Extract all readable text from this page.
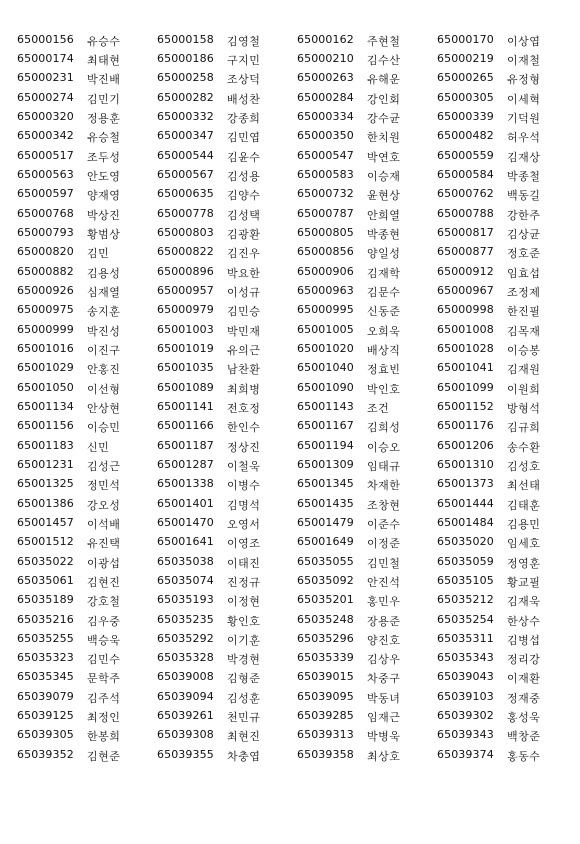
65000156	유승수	65000158	김영철	65000162	주현철	65000170	이상엽
65000174	최태현	65000186	구지민	65000210	김수산	65000219	이재철
65000231	박진배	65000258	조상덕	65000263	유해운	65000265	유정형
65000274	김민기	65000282	배성찬	65000284	강인회	65000305	이세혁
65000320	정용훈	65000332	강종희	65000334	강수균	65000339	기덕원
65000342	유승철	65000347	김민엽	65000350	한치원	65000482	허우석
65000517	조두성	65000544	김윤수	65000547	박연호	65000559	김재상
65000563	안도영	65000567	김성용	65000583	이승재	65000584	박종철
65000597	양재영	65000635	김양수	65000732	윤현상	65000762	백동길
65000768	박상진	65000778	김성택	65000787	안희열	65000788	강한주
65000793	황범상	65000803	김광환	65000805	박종현	65000817	김상균
65000820	김민	65000822	김진우	65000856	양일성	65000877	정호준
65000882	김용성	65000896	박요한	65000906	김재학	65000912	임효섭
65000926	심재열	65000957	이성규	65000963	김문수	65000967	조정제
65000975	송지훈	65000979	김민승	65000995	신동준	65000998	한진필
65000999	박진성	65001003	박민재	65001005	오희욱	65001008	김목재
65001016	이진구	65001019	유의근	65001020	배상직	65001028	이승봉
65001029	안홍진	65001035	남찬환	65001040	정효빈	65001041	김재원
65001050	이선형	65001089	최희병	65001090	박인호	65001099	이원희
65001134	안상현	65001141	전호정	65001143	조건	65001152	방형석
65001156	이승민	65001166	한인수	65001167	김희성	65001176	김규희
65001183	신민	65001187	정상진	65001194	이승오	65001206	송수환
65001231	김성근	65001287	이철욱	65001309	임태규	65001310	김성호
65001325	정민석	65001338	이병수	65001345	차재한	65001373	최선태
65001386	강오성	65001401	김명석	65001435	조창현	65001444	김태훈
65001457	이석배	65001470	오영서	65001479	이준수	65001484	김용민
65001512	유진택	65001641	이영조	65001649	이정준	65035020	임세호
65035022	이광섭	65035038	이태진	65035055	김민철	65035059	정영훈
65035061	김현진	65035074	진정규	65035092	안진석	65035105	황교필
65035189	강호철	65035193	이정현	65035201	홍민우	65035212	김재욱
65035216	김우중	65035235	황인호	65035248	장용준	65035254	한상수
65035255	백승욱	65035292	이기훈	65035296	양진호	65035311	김병섭
65035323	김민수	65035328	박경현	65035339	김상우	65035343	정리강
65035345	문학주	65039008	김형준	65039015	차중구	65039043	이재환
65039079	김주석	65039094	김성훈	65039095	박동녀	65039103	정재중
65039125	최정인	65039261	천민규	65039285	임재근	65039302	홍성욱
65039305	한봉희	65039308	최현진	65039313	박병욱	65039343	백창준
65039352	김현준	65039355	차충엽	65039358	최상호	65039374	홍동수
